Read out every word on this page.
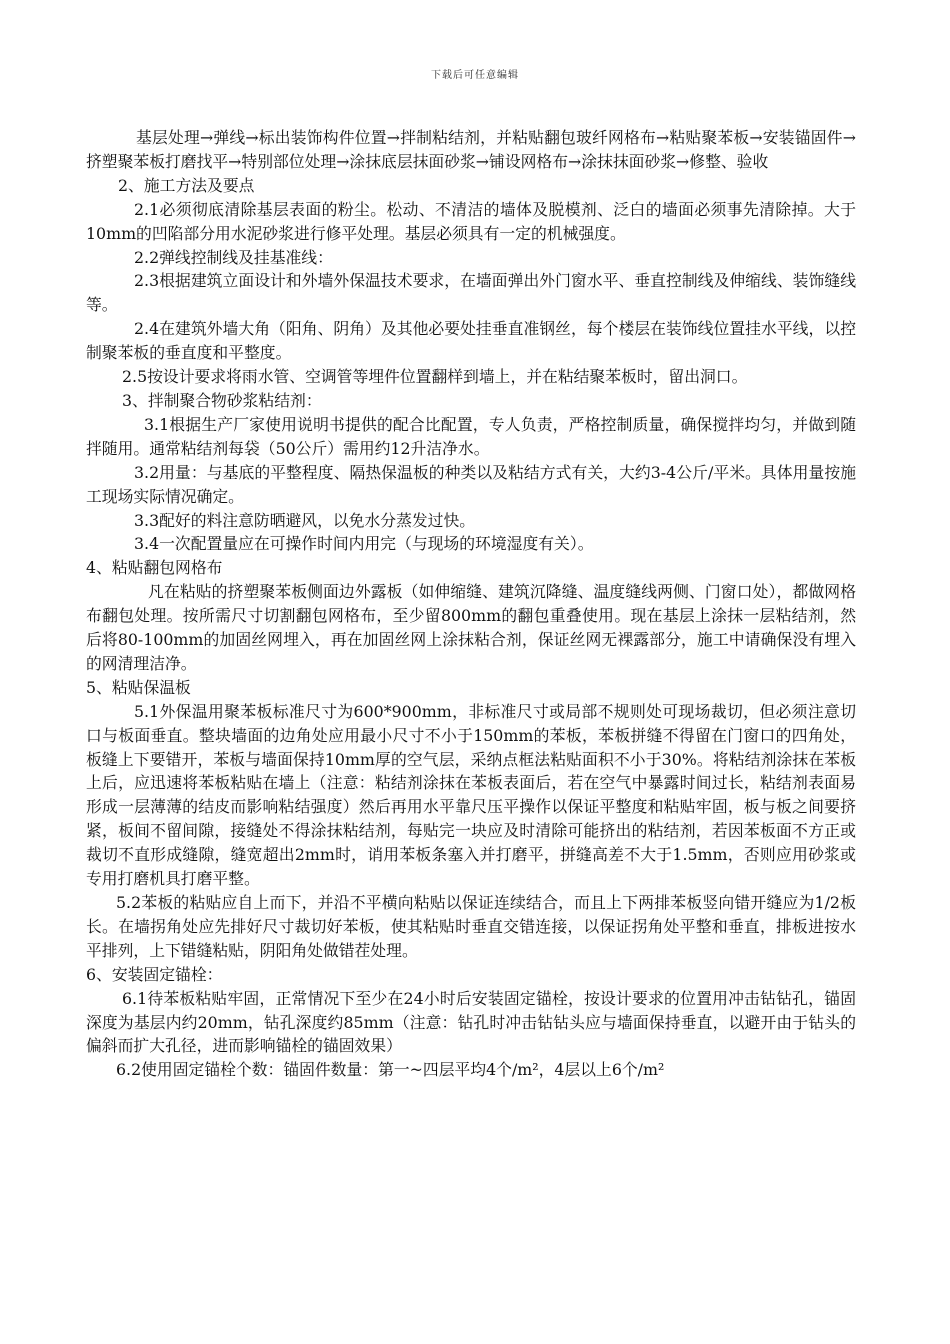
下载后可任意编辑

基层处理→弹线→标出装饰构件位置→拌制粘结剂，并粘贴翻包玻纤网格布→粘贴聚苯板→安装锚固件→挤塑聚苯板打磨找平→特别部位处理→涂抹底层抹面砂浆→铺设网格布→涂抹抹面砂浆→修整、验收

2、施工方法及要点

2.1必须彻底清除基层表面的粉尘。松动、不清洁的墙体及脱模剂、泛白的墙面必须事先清除掉。大于10mm的凹陷部分用水泥砂浆进行修平处理。基层必须具有一定的机械强度。

2.2弹线控制线及挂基准线：

2.3根据建筑立面设计和外墙外保温技术要求，在墙面弹出外门窗水平、垂直控制线及伸缩线、装饰缝线等。

2.4在建筑外墙大角（阳角、阴角）及其他必要处挂垂直准钢丝，每个楼层在装饰线位置挂水平线，以控制聚苯板的垂直度和平整度。

2.5按设计要求将雨水管、空调管等埋件位置翻样到墙上，并在粘结聚苯板时，留出洞口。

3、拌制聚合物砂浆粘结剂：

3.1根据生产厂家使用说明书提供的配合比配置，专人负责，严格控制质量，确保搅拌均匀，并做到随拌随用。通常粘结剂每袋（50公斤）需用约12升洁净水。

3.2用量：与基底的平整程度、隔热保温板的种类以及粘结方式有关，大约3-4公斤/平米。具体用量按施工现场实际情况确定。

3.3配好的料注意防晒避风，以免水分蒸发过快。

3.4一次配置量应在可操作时间内用完（与现场的环境湿度有关）。

4、粘贴翻包网格布

凡在粘贴的挤塑聚苯板侧面边外露板（如伸缩缝、建筑沉降缝、温度缝线两侧、门窗口处），都做网格布翻包处理。按所需尺寸切割翻包网格布，至少留800mm的翻包重叠使用。现在基层上涂抹一层粘结剂，然后将80-100mm的加固丝网埋入，再在加固丝网上涂抹粘合剂，保证丝网无裸露部分，施工中请确保没有埋入的网清理洁净。

5、粘贴保温板

5.1外保温用聚苯板标准尺寸为600*900mm，非标准尺寸或局部不规则处可现场裁切，但必须注意切口与板面垂直。整块墙面的边角处应用最小尺寸不小于150mm的苯板，苯板拼缝不得留在门窗口的四角处，板缝上下要错开，苯板与墙面保持10mm厚的空气层，采纳点框法粘贴面积不小于30%。将粘结剂涂抹在苯板上后，应迅速将苯板粘贴在墙上（注意：粘结剂涂抹在苯板表面后，若在空气中暴露时间过长，粘结剂表面易形成一层薄薄的结皮而影响粘结强度）然后再用水平靠尺压平操作以保证平整度和粘贴牢固，板与板之间要挤紧，板间不留间隙，接缝处不得涂抹粘结剂，每贴完一块应及时清除可能挤出的粘结剂，若因苯板面不方正或裁切不直形成缝隙，缝宽超出2mm时，诮用苯板条塞入并打磨平，拼缝高差不大于1.5mm，否则应用砂浆或专用打磨机具打磨平整。

5.2苯板的粘贴应自上而下，并沿不平横向粘贴以保证连续结合，而且上下两排苯板竖向错开缝应为1/2板长。在墙拐角处应先排好尺寸裁切好苯板，使其粘贴时垂直交错连接，以保证拐角处平整和垂直，排板进按水平排列，上下错缝粘贴，阴阳角处做错茬处理。

6、安装固定锚栓：

6.1待苯板粘贴牢固，正常情况下至少在24小时后安装固定锚栓，按设计要求的位置用冲击钻钻孔，锚固深度为基层内约20mm，钻孔深度约85mm（注意：钻孔时冲击钻钻头应与墙面保持垂直，以避开由于钻头的偏斜而扩大孔径，进而影响锚栓的锚固效果）

6.2使用固定锚栓个数：锚固件数量：第一~四层平均4个/m²，4层以上6个/m²
